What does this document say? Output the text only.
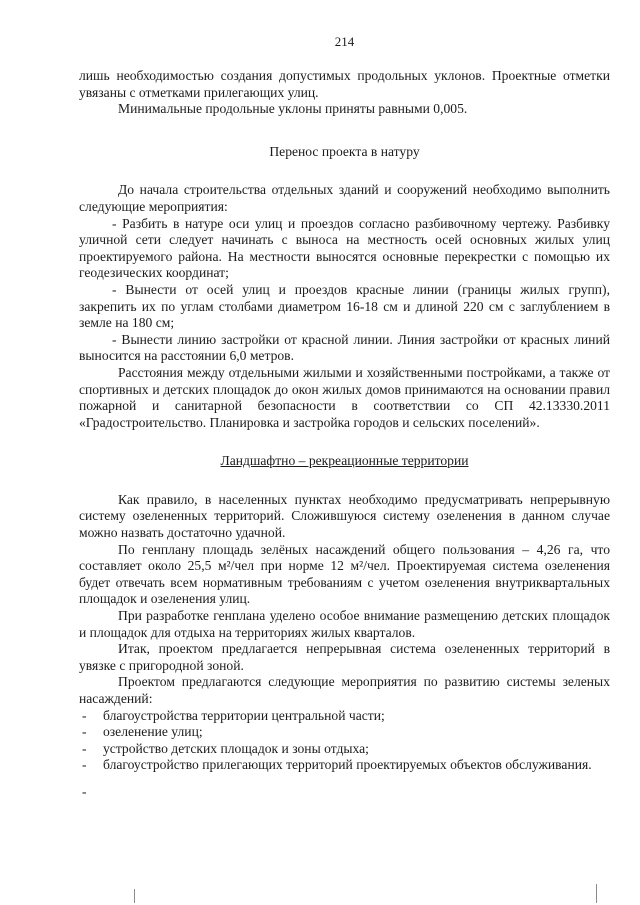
214

лишь необходимостью создания допустимых продольных уклонов. Проектные отметки увязаны с отметками прилегающих улиц.

Минимальные продольные уклоны приняты равными 0,005.

Перенос проекта в натуру

До начала строительства отдельных зданий и сооружений необходимо выполнить следующие мероприятия:

- Разбить в натуре оси улиц и проездов согласно разбивочному чертежу. Разбивку уличной сети следует начинать с выноса на местность осей основных жилых улиц проектируемого района. На местности выносятся основные перекрестки с помощью их геодезических координат;

- Вынести от осей улиц и проездов красные линии (границы жилых групп), закрепить их по углам столбами диаметром 16-18 см и длиной 220 см с заглублением в земле на 180 см;

- Вынести линию застройки от красной линии. Линия застройки от красных линий выносится на расстоянии 6,0 метров.

Расстояния между отдельными жилыми и хозяйственными постройками, а также от спортивных и детских площадок до окон жилых домов принимаются на основании правил пожарной и санитарной безопасности в соответствии со СП 42.13330.2011 «Градостроительство. Планировка и застройка городов и сельских поселений».

Ландшафтно – рекреационные территории

Как правило, в населенных пунктах необходимо предусматривать непрерывную систему озелененных территорий. Сложившуюся систему озеленения в данном случае можно назвать достаточно удачной.

По генплану площадь зелёных насаждений общего пользования – 4,26 га, что составляет около 25,5 м²/чел при норме 12 м²/чел. Проектируемая система озеленения будет отвечать всем нормативным требованиям с учетом озеленения внутриквартальных площадок и озеленения улиц.

При разработке генплана уделено особое внимание размещению детских площадок и площадок для отдыха на территориях жилых кварталов.

Итак, проектом предлагается непрерывная система озелененных территорий в увязке с пригородной зоной.

Проектом предлагаются следующие мероприятия по развитию системы зеленых насаждений:

- благоустройства территории центральной части;
- озеленение улиц;
- устройство детских площадок и зоны отдыха;
- благоустройство прилегающих территорий проектируемых объектов обслуживания.
-
